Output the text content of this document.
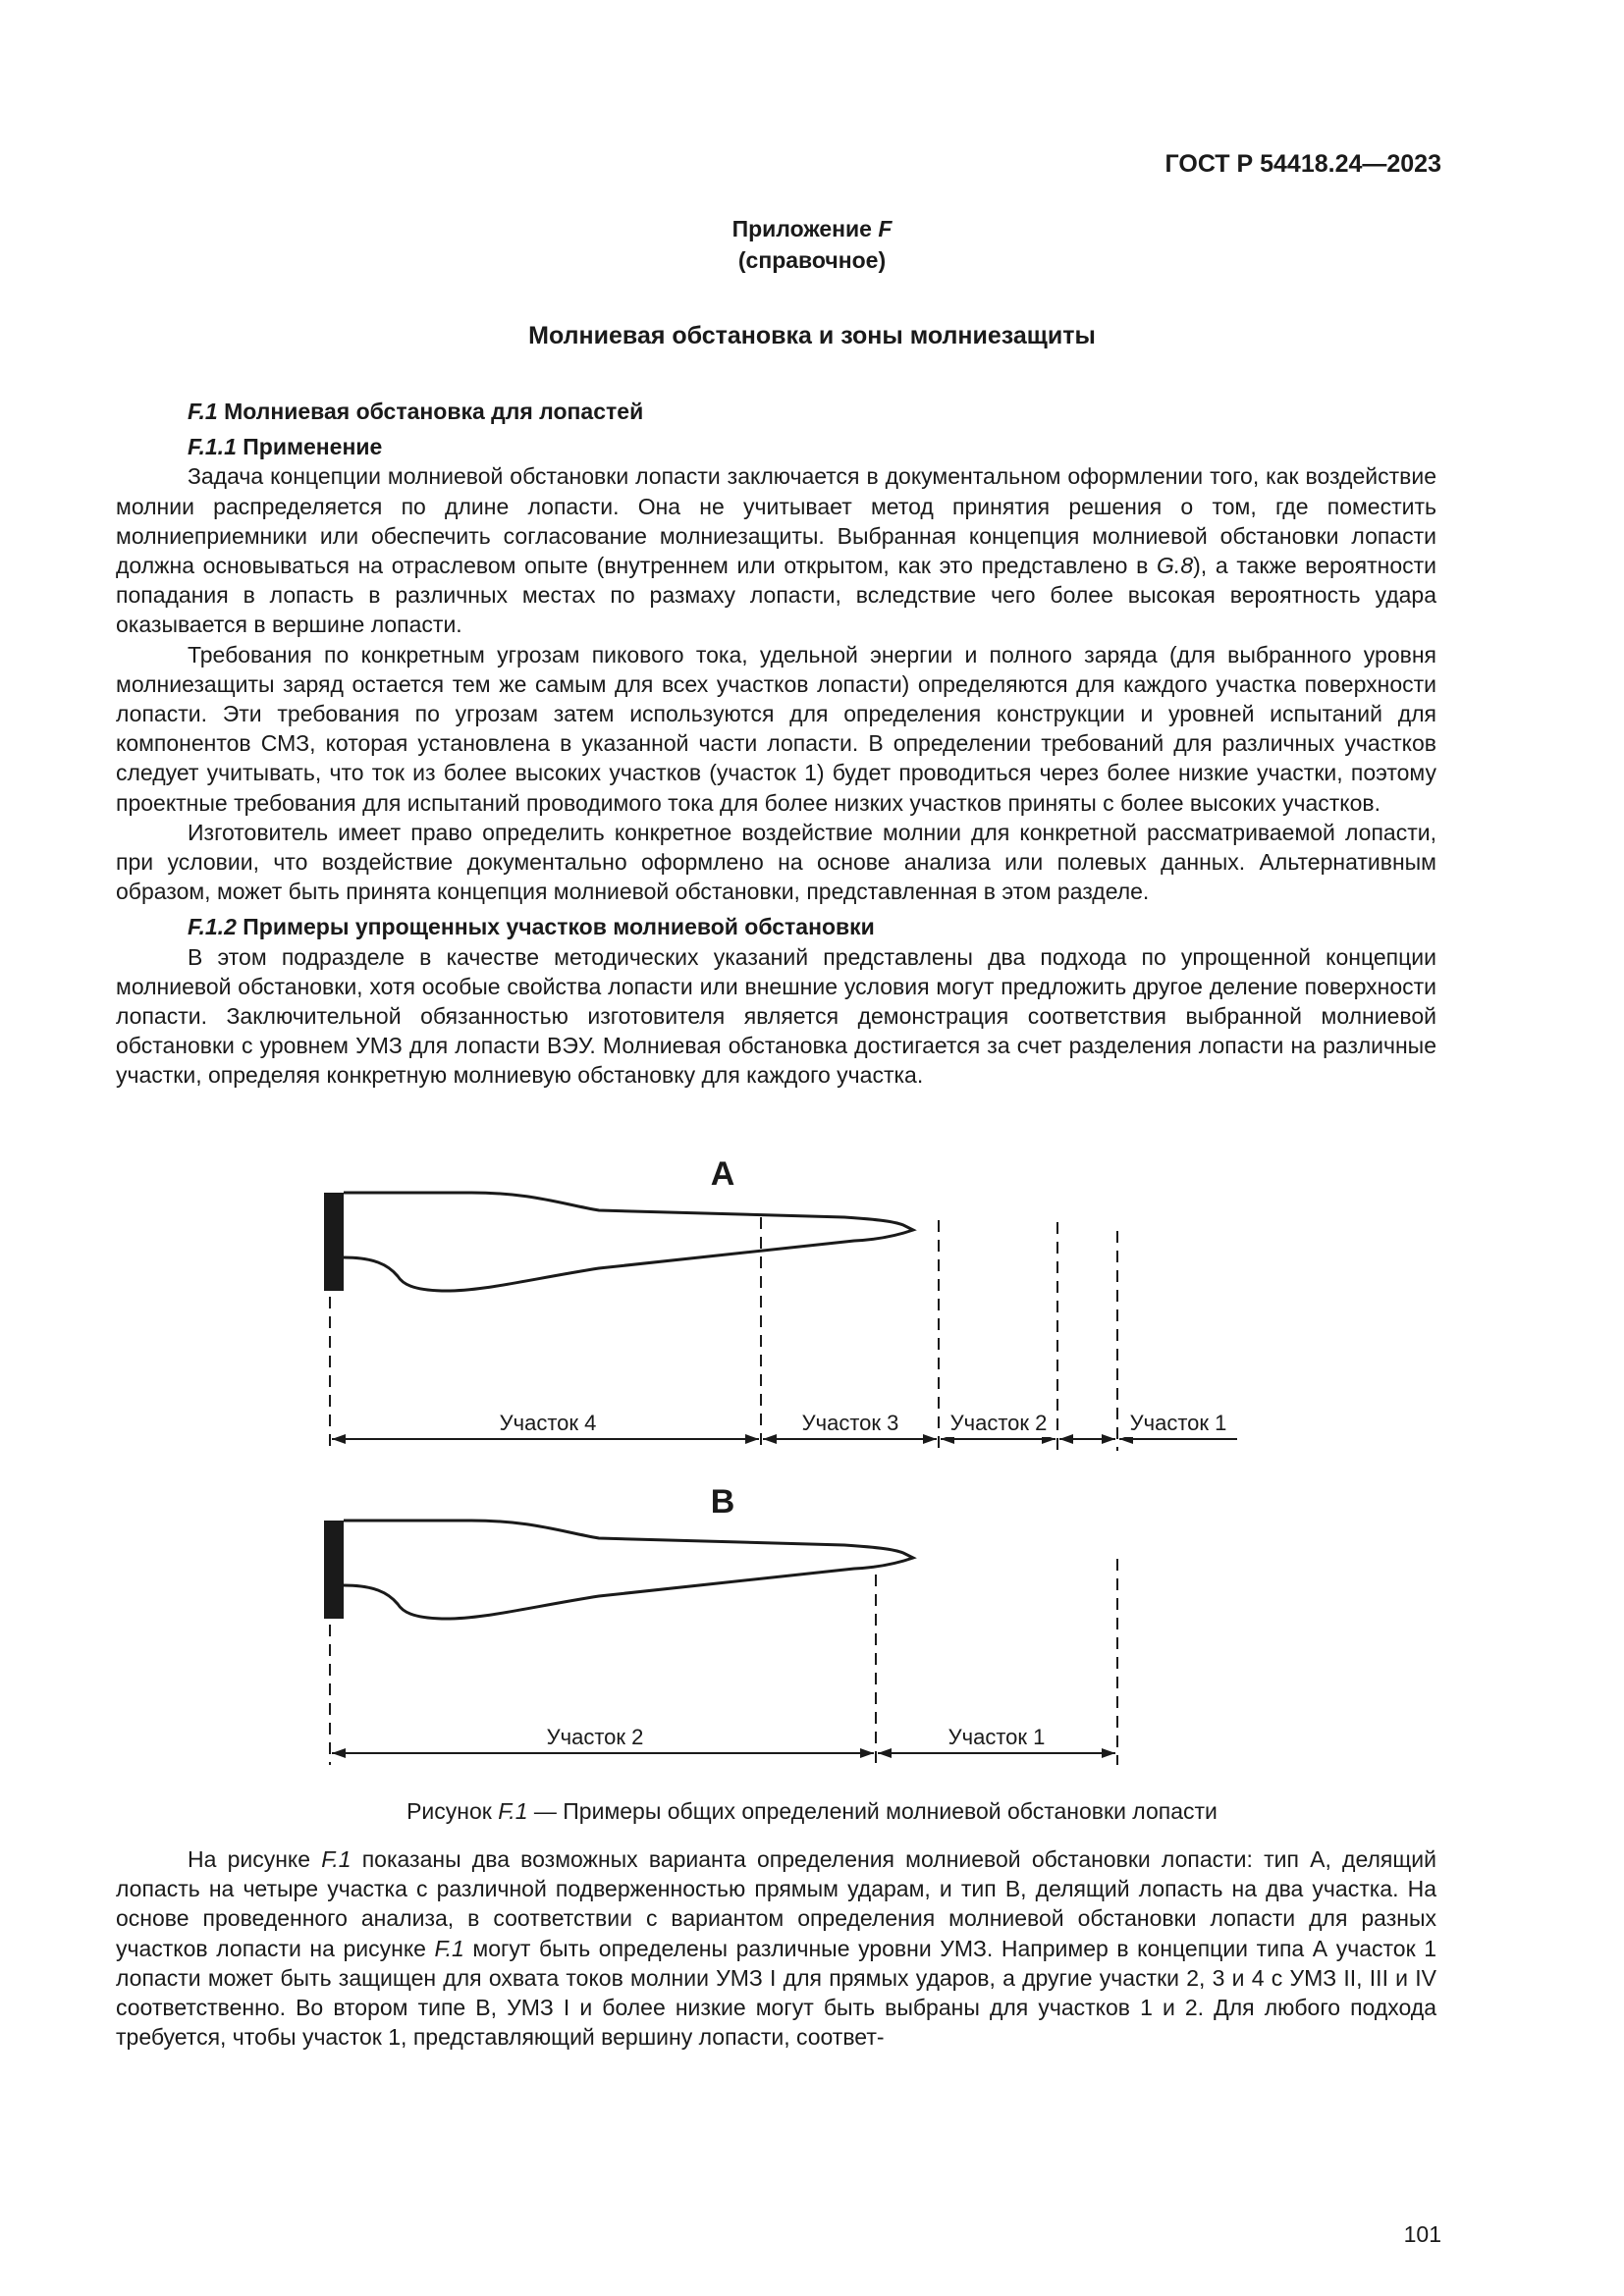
ГОСТ Р 54418.24—2023
Приложение F
(справочное)
Молниевая обстановка и зоны молниезащиты

F.1 Молниевая обстановка для лопастей

F.1.1 Применение

Задача концепции молниевой обстановки лопасти заключается в документальном оформлении того, как воздействие молнии распределяется по длине лопасти. Она не учитывает метод принятия решения о том, где поместить молниеприемники или обеспечить согласование молниезащиты. Выбранная концепция молниевой обстановки лопасти должна основываться на отраслевом опыте (внутреннем или открытом, как это представлено в G.8), а также вероятности попадания в лопасть в различных местах по размаху лопасти, вследствие чего более высокая вероятность удара оказывается в вершине лопасти.

Требования по конкретным угрозам пикового тока, удельной энергии и полного заряда (для выбранного уровня молниезащиты заряд остается тем же самым для всех участков лопасти) определяются для каждого участка поверхности лопасти. Эти требования по угрозам затем используются для определения конструкции и уровней испытаний для компонентов СМЗ, которая установлена в указанной части лопасти. В определении требований для различных участков следует учитывать, что ток из более высоких участков (участок 1) будет проводиться через более низкие участки, поэтому проектные требования для испытаний проводимого тока для более низких участков приняты с более высоких участков.

Изготовитель имеет право определить конкретное воздействие молнии для конкретной рассматриваемой лопасти, при условии, что воздействие документально оформлено на основе анализа или полевых данных. Альтернативным образом, может быть принята концепция молниевой обстановки, представленная в этом разделе.

F.1.2 Примеры упрощенных участков молниевой обстановки

В этом подразделе в качестве методических указаний представлены два подхода по упрощенной концепции молниевой обстановки, хотя особые свойства лопасти или внешние условия могут предложить другое деление поверхности лопасти. Заключительной обязанностью изготовителя является демонстрация соответствия выбранной молниевой обстановки с уровнем УМЗ для лопасти ВЭУ. Молниевая обстановка достигается за счет разделения лопасти на различные участки, определяя конкретную молниевую обстановку для каждого участка.

A
Участок 4	Участок 3 Участок 2	Участок 1
B
Участок 2	Участок 1
Рисунок F.1 — Примеры общих определений молниевой обстановки лопасти

На рисунке F.1 показаны два возможных варианта определения молниевой обстановки лопасти: тип А, делящий лопасть на четыре участка с различной подверженностью прямым ударам, и тип В, делящий лопасть на два участка. На основе проведенного анализа, в соответствии с вариантом определения молниевой обстановки лопасти для разных участков лопасти на рисунке F.1 могут быть определены различные уровни УМЗ. Например в концепции типа А участок 1 лопасти может быть защищен для охвата токов молнии УМЗ I для прямых ударов, а другие участки 2, 3 и 4 с УМЗ II, III и IV соответственно. Во втором типе В, УМЗ I и более низкие могут быть выбраны для участков 1 и 2. Для любого подхода требуется, чтобы участок 1, представляющий вершину лопасти, соответ-

101
